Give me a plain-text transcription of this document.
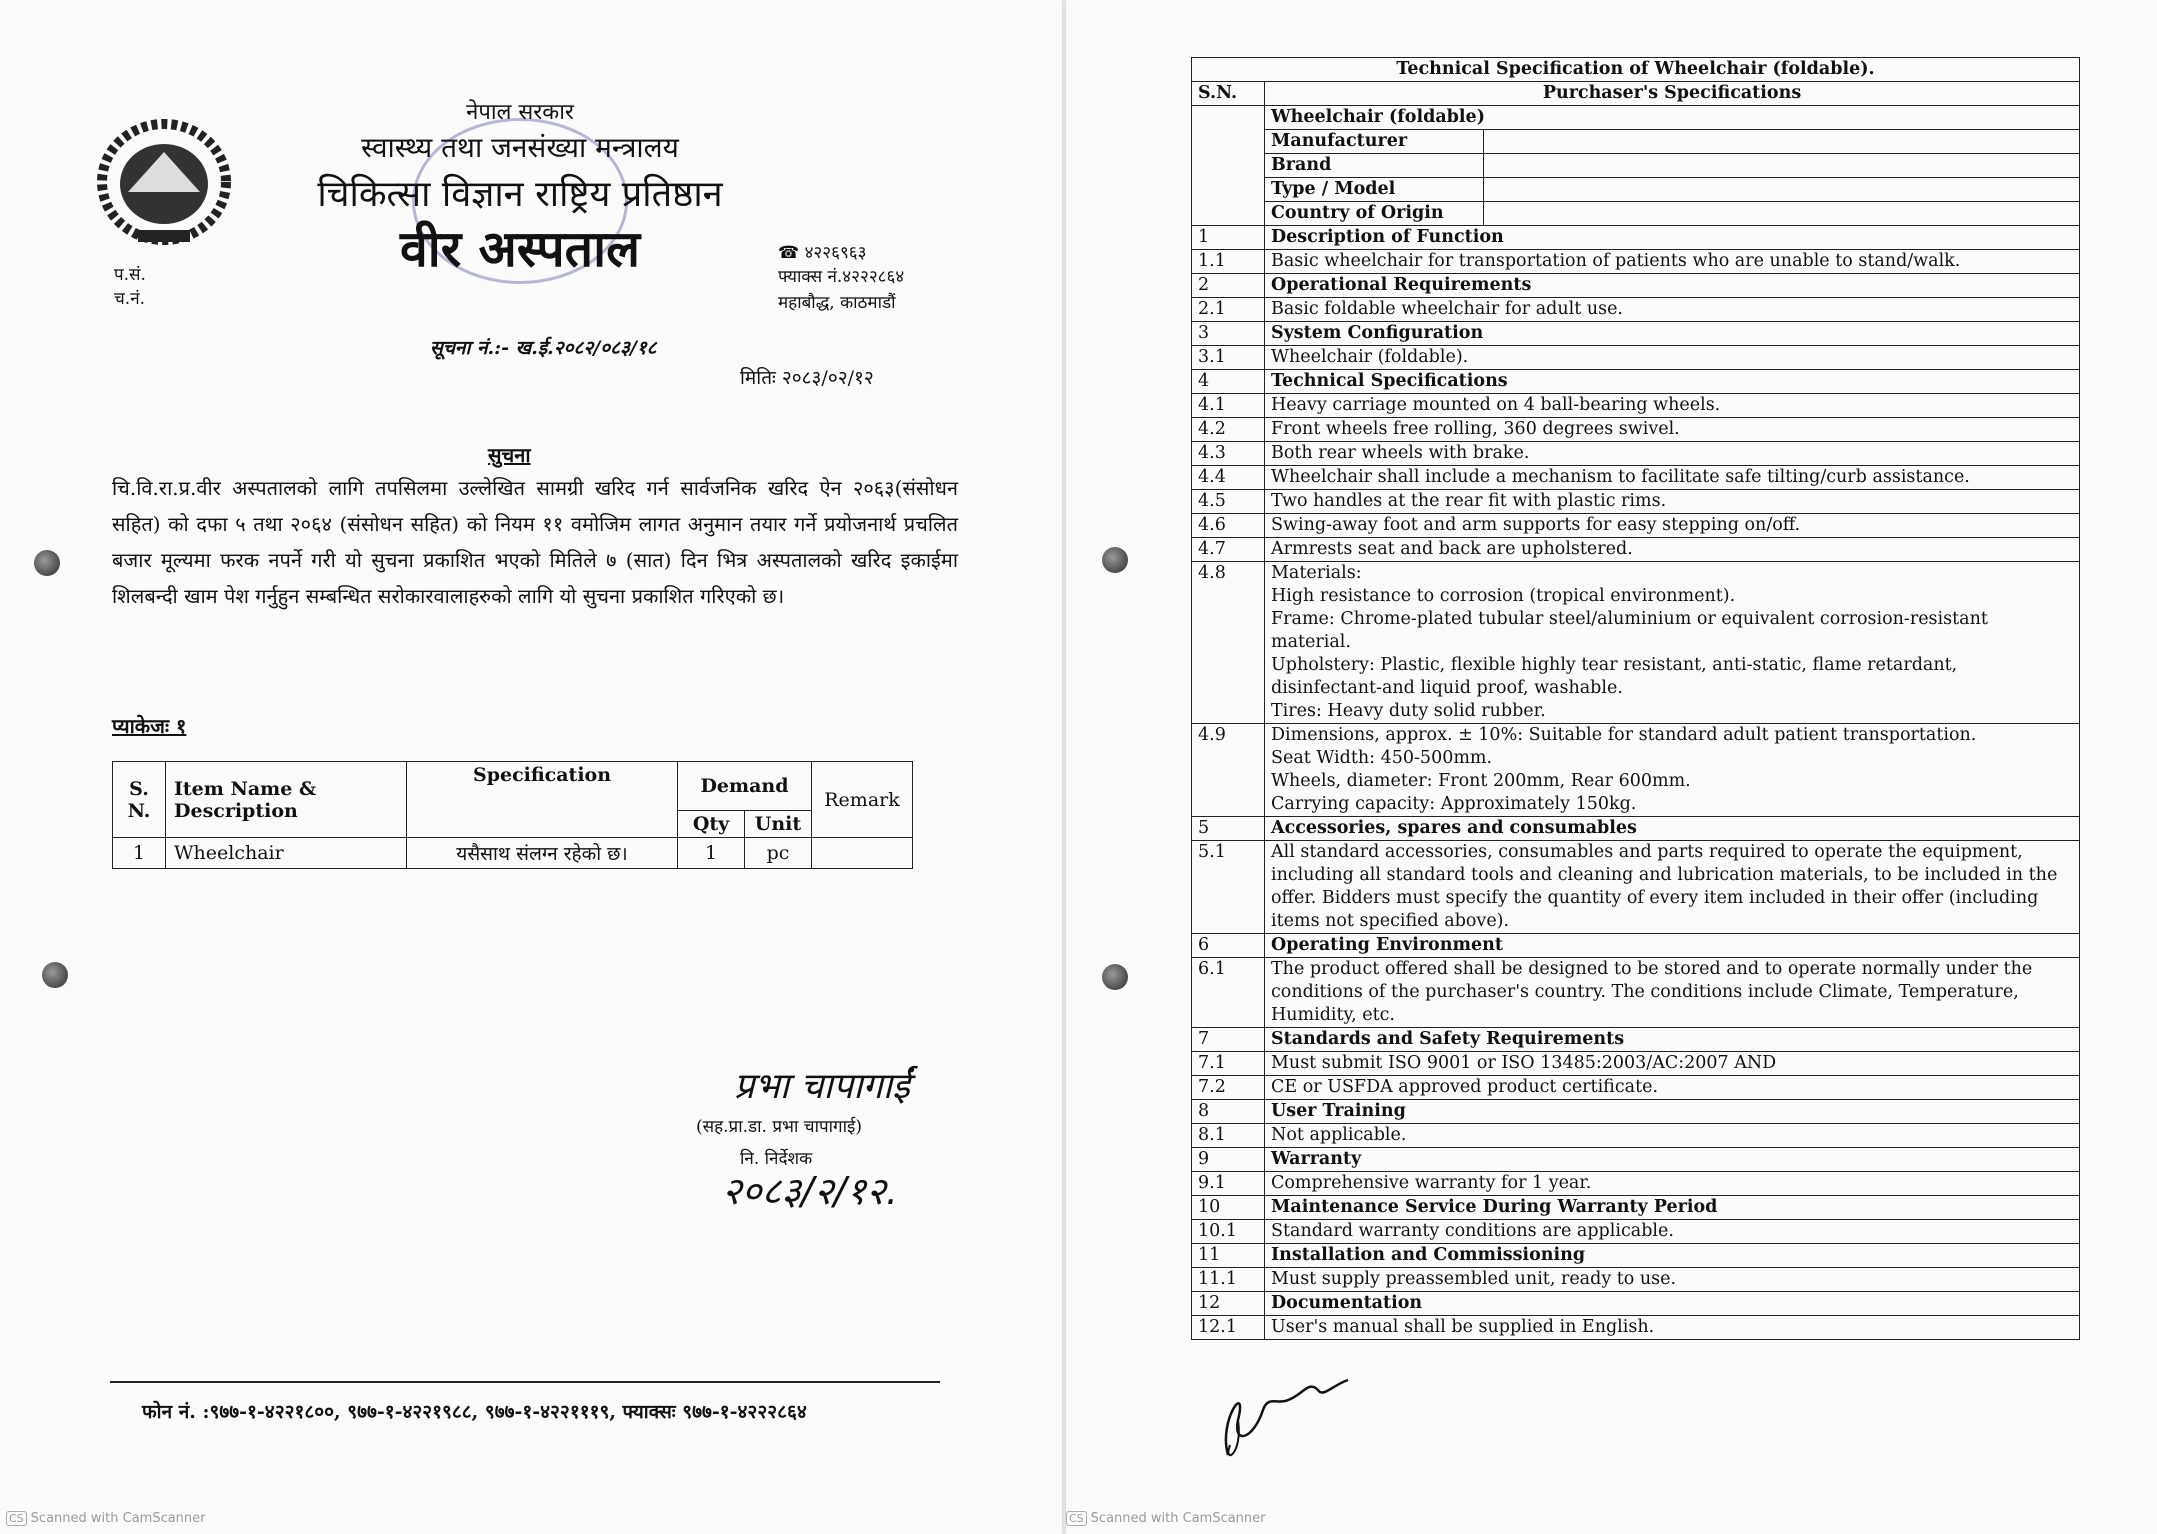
नेपाल सरकार
स्वास्थ्य तथा जनसंख्या मन्त्रालय
चिकित्सा विज्ञान राष्ट्रिय प्रतिष्ठान
वीर अस्पताल
प.सं.
च.नं.
☎ ४२२६९६३
फ्याक्स नं.४२२२८६४
महाबौद्ध, काठमाडौं
सूचना नं.:- ख.ई.२०८२/०८३/१८
मितिः २०८३/०२/१२
सुचना
चि.वि.रा.प्र.वीर अस्पतालको लागि तपसिलमा उल्लेखित सामग्री खरिद गर्न सार्वजनिक खरिद ऐन २०६३(संसोधन सहित) को दफा ५ तथा २०६४ (संसोधन सहित) को नियम ११ वमोजिम लागत अनुमान तयार गर्ने प्रयोजनार्थ प्रचलित बजार मूल्यमा फरक नपर्ने गरी यो सुचना प्रकाशित भएको मितिले ७ (सात) दिन भित्र अस्पतालको खरिद इकाईमा शिलबन्दी खाम पेश गर्नुहुन सम्बन्धित सरोकारवालाहरुको लागि यो सुचना प्रकाशित गरिएको छ।
प्याकेजः १
S. N.	Item Name & Description	Specification	Demand		Remark
			Qty	Unit	
1	Wheelchair	यसैसाथ संलग्न रहेको छ।	1	pc	
प्रभा चापागाईं
(सह.प्रा.डा. प्रभा चापागाई)
नि. निर्देशक
२०८३/२/१२.
फोन नं. :९७७-१-४२२१८००, ९७७-१-४२२१९८८, ९७७-१-४२२१११९, फ्याक्सः ९७७-१-४२२२८६४
CS Scanned with CamScanner	CS Scanned with CamScanner
Technical Specification of Wheelchair (foldable).		
S.N.	Purchaser's Specifications	
	Wheelchair (foldable)	
	Manufacturer	
	Brand	
	Type / Model	
	Country of Origin	
1	Description of Function	
1.1	Basic wheelchair for transportation of patients who are unable to stand/walk.	
2	Operational Requirements	
2.1	Basic foldable wheelchair for adult use.	
3	System Configuration	
3.1	Wheelchair (foldable).	
4	Technical Specifications	
4.1	Heavy carriage mounted on 4 ball-bearing wheels.	
4.2	Front wheels free rolling, 360 degrees swivel.	
4.3	Both rear wheels with brake.	
4.4	Wheelchair shall include a mechanism to facilitate safe tilting/curb assistance.	
4.5	Two handles at the rear fit with plastic rims.	
4.6	Swing-away foot and arm supports for easy stepping on/off.	
4.7	Armrests seat and back are upholstered.	
4.8	Materials:
High resistance to corrosion (tropical environment).
Frame: Chrome-plated tubular steel/aluminium or equivalent corrosion-resistant material.
Upholstery: Plastic, flexible highly tear resistant, anti-static, flame retardant, disinfectant-and liquid proof, washable.
Tires: Heavy duty solid rubber.	

4.9	Dimensions, approx. ± 10%: Suitable for standard adult patient transportation.
Seat Width: 450-500mm.
Wheels, diameter: Front 200mm, Rear 600mm.
Carrying capacity: Approximately 150kg.	

5	Accessories, spares and consumables	
5.1	All standard accessories, consumables and parts required to operate the equipment, including all standard tools and cleaning and lubrication materials, to be included in the offer. Bidders must specify the quantity of every item included in their offer (including items not specified above).	
6	Operating Environment	
6.1	The product offered shall be designed to be stored and to operate normally under the conditions of the purchaser's country. The conditions include Climate, Temperature, Humidity, etc.	
7	Standards and Safety Requirements	
7.1	Must submit ISO 9001 or ISO 13485:2003/AC:2007 AND	
7.2	CE or USFDA approved product certificate.	
8	User Training	
8.1	Not applicable.	
9	Warranty	
9.1	Comprehensive warranty for 1 year.	
10	Maintenance Service During Warranty Period	
10.1	Standard warranty conditions are applicable.	
11	Installation and Commissioning	
11.1	Must supply preassembled unit, ready to use.	
12	Documentation	
12.1	User's manual shall be supplied in English.	
